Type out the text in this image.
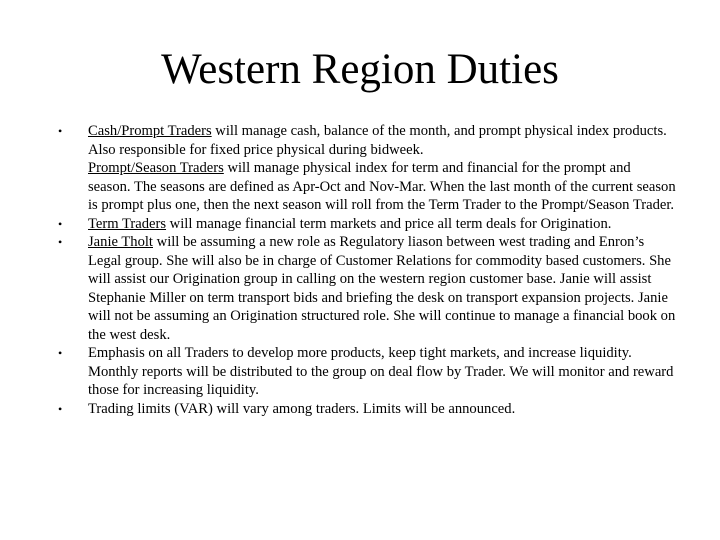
Western Region Duties
•	Cash/Prompt Traders will manage cash, balance of the month, and prompt physical index products. Also responsible for fixed price physical during bidweek.
Prompt/Season Traders will manage physical index for term and financial for the prompt and season. The seasons are defined as Apr-Oct and Nov-Mar. When the last month of the current season is prompt plus one, then the next season will roll from the Term Trader to the Prompt/Season Trader.
•	Term Traders will manage financial term markets and price all term deals for Origination.
•	Janie Tholt will be assuming a new role as Regulatory liason between west trading and Enron’s Legal group. She will also be in charge of Customer Relations for commodity based customers. She will assist our Origination group in calling on the western region customer base. Janie will assist Stephanie Miller on term transport bids and briefing the desk on transport expansion projects. Janie will not be assuming an Origination structured role. She will continue to manage a financial book on the west desk.
•	Emphasis on all Traders to develop more products, keep tight markets, and increase liquidity. Monthly reports will be distributed to the group on deal flow by Trader. We will monitor and reward those for increasing liquidity.
•	Trading limits (VAR) will vary among traders. Limits will be announced.
